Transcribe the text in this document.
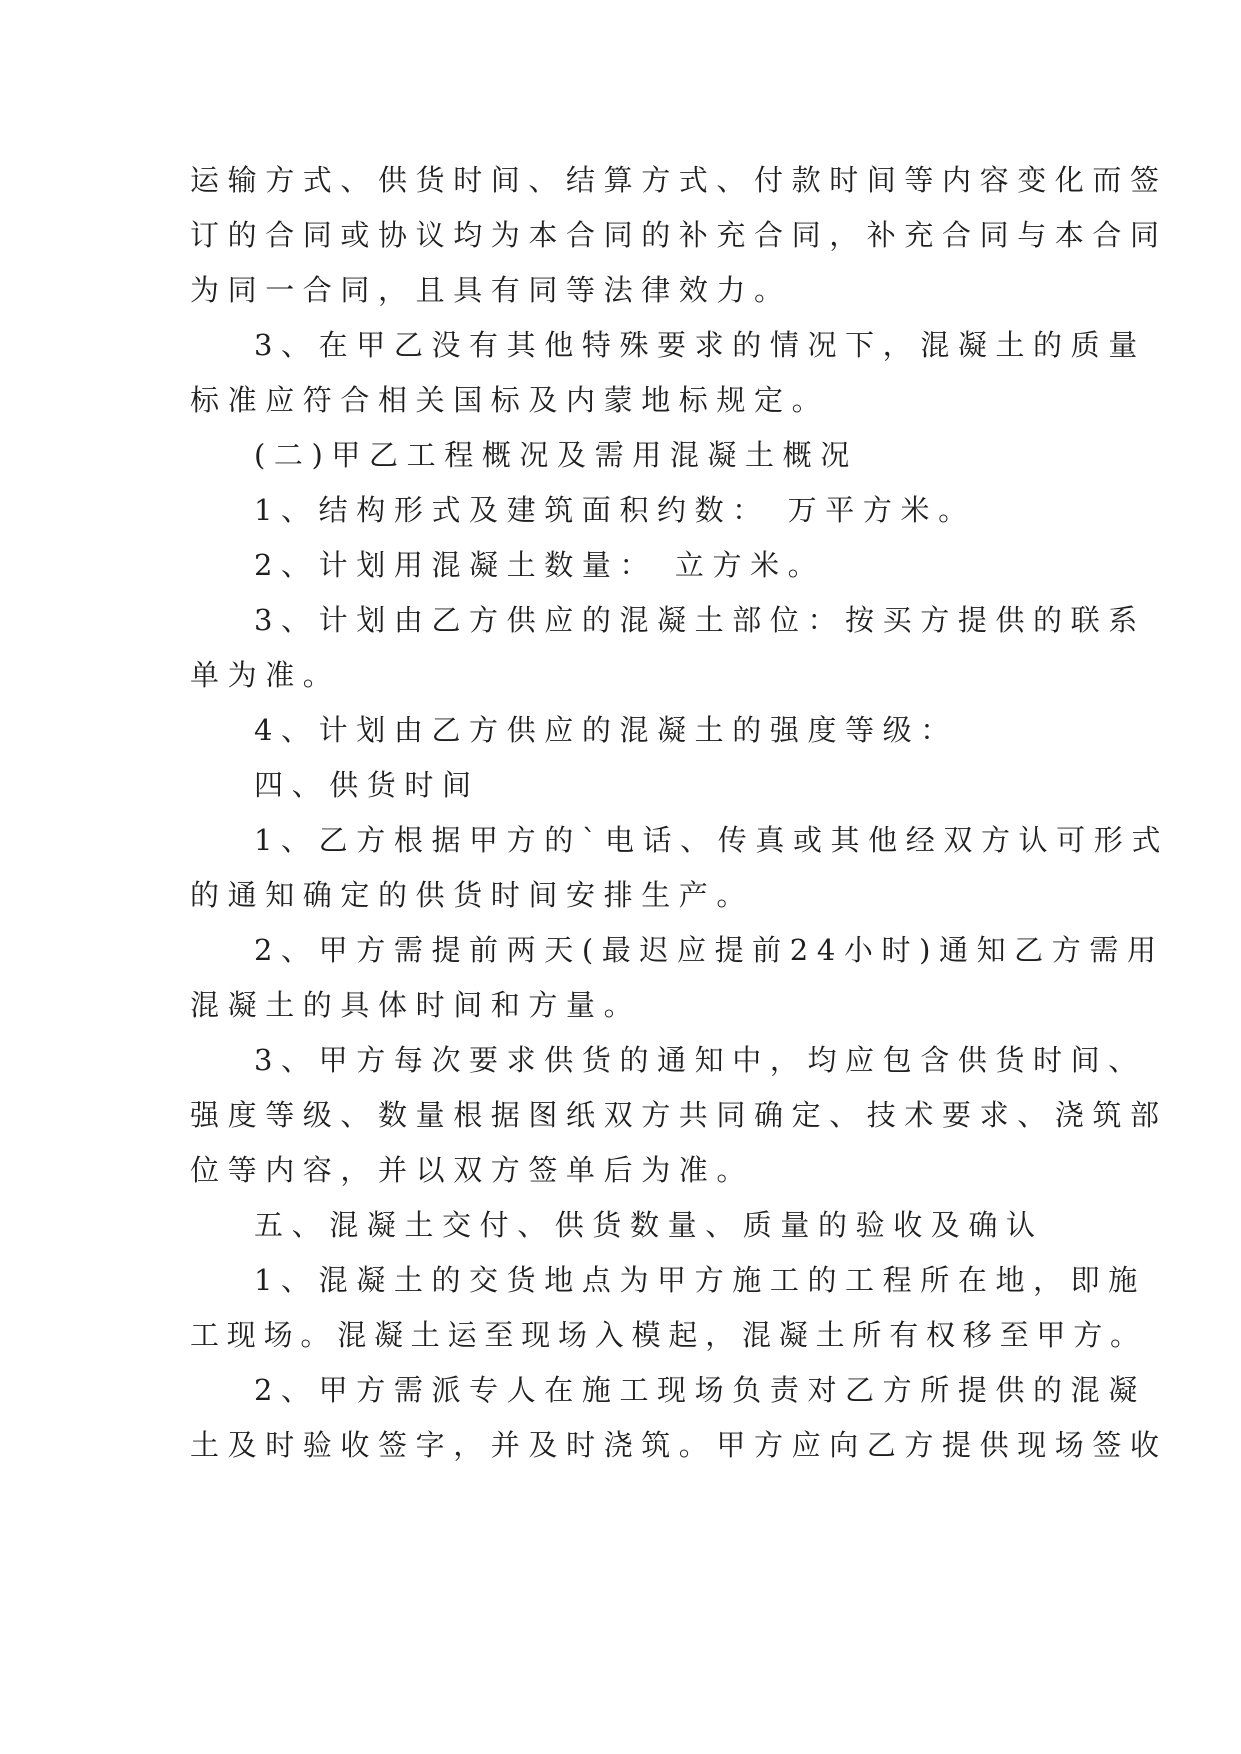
运输方式、供货时间、结算方式、付款时间等内容变化而签
订的合同或协议均为本合同的补充合同，补充合同与本合同
为同一合同，且具有同等法律效力。
3、在甲乙没有其他特殊要求的情况下，混凝土的质量
标准应符合相关国标及内蒙地标规定。
(二)甲乙工程概况及需用混凝土概况
1、结构形式及建筑面积约数： 万平方米。
2、计划用混凝土数量： 立方米。
3、计划由乙方供应的混凝土部位：按买方提供的联系
单为准。
4、计划由乙方供应的混凝土的强度等级：
四、供货时间
1、乙方根据甲方的`电话、传真或其他经双方认可形式
的通知确定的供货时间安排生产。
2、甲方需提前两天(最迟应提前24小时)通知乙方需用
混凝土的具体时间和方量。
3、甲方每次要求供货的通知中，均应包含供货时间、
强度等级、数量根据图纸双方共同确定、技术要求、浇筑部
位等内容，并以双方签单后为准。
五、混凝土交付、供货数量、质量的验收及确认
1、混凝土的交货地点为甲方施工的工程所在地，即施
工现场。混凝土运至现场入模起，混凝土所有权移至甲方。
2、甲方需派专人在施工现场负责对乙方所提供的混凝
土及时验收签字，并及时浇筑。甲方应向乙方提供现场签收
